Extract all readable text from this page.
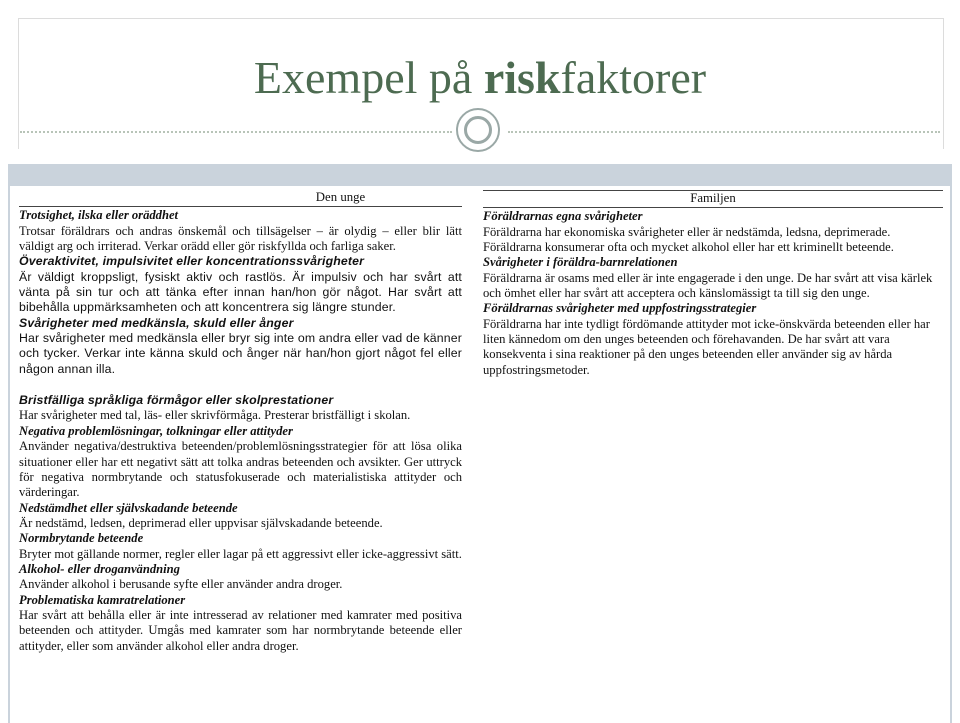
Exempel på riskfaktorer
Den unge
Trotsighet, ilska eller oräddhet
Trotsar föräldrars och andras önskemål och tillsägelser – är olydig – eller blir lätt väldigt arg och irriterad. Verkar orädd eller gör riskfyllda och farliga saker.
Överaktivitet, impulsivitet eller koncentrationssvårigheter
Är väldigt kroppsligt, fysiskt aktiv och rastlös. Är impulsiv och har svårt att vänta på sin tur och att tänka efter innan han/hon gör något. Har svårt att bibehålla uppmärksamheten och att koncentrera sig längre stunder.
Svårigheter med medkänsla, skuld eller ånger
Har svårigheter med medkänsla eller bryr sig inte om andra eller vad de känner och tycker. Verkar inte känna skuld och ånger när han/hon gjort något fel eller någon annan illa.
Bristfälliga språkliga förmågor eller skolprestationer
Har svårigheter med tal, läs- eller skrivförmåga. Presterar bristfälligt i skolan.
Negativa problemlösningar, tolkningar eller attityder
Använder negativa/destruktiva beteenden/problemlösningsstrategier för att lösa olika situationer eller har ett negativt sätt att tolka andras beteenden och avsikter. Ger uttryck för negativa normbrytande och statusfokuserade och materialistiska attityder och värderingar.
Nedstämdhet eller självskadande beteende
Är nedstämd, ledsen, deprimerad eller uppvisar självskadande beteende.
Normbrytande beteende
Bryter mot gällande normer, regler eller lagar på ett aggressivt eller icke-aggressivt sätt.
Alkohol- eller droganvändning
Använder alkohol i berusande syfte eller använder andra droger.
Problematiska kamratrelationer
Har svårt att behålla eller är inte intresserad av relationer med kamrater med positiva beteenden och attityder. Umgås med kamrater som har normbrytande beteende eller attityder, eller som använder alkohol eller andra droger.
Familjen
Föräldrarnas egna svårigheter
Föräldrarna har ekonomiska svårigheter eller är nedstämda, ledsna, deprimerade. Föräldrarna konsumerar ofta och mycket alkohol eller har ett kriminellt beteende.
Svårigheter i föräldra-barnrelationen
Föräldrarna är osams med eller är inte engagerade i den unge. De har svårt att visa kärlek och ömhet eller har svårt att acceptera och känslomässigt ta till sig den unge.
Föräldrarnas svårigheter med uppfostringsstrategier
Föräldrarna har inte tydligt fördömande attityder mot icke-önskvärda beteenden eller har liten kännedom om den unges beteenden och förehavanden. De har svårt att vara konsekventa i sina reaktioner på den unges beteenden eller använder sig av hårda uppfostringsmetoder.
